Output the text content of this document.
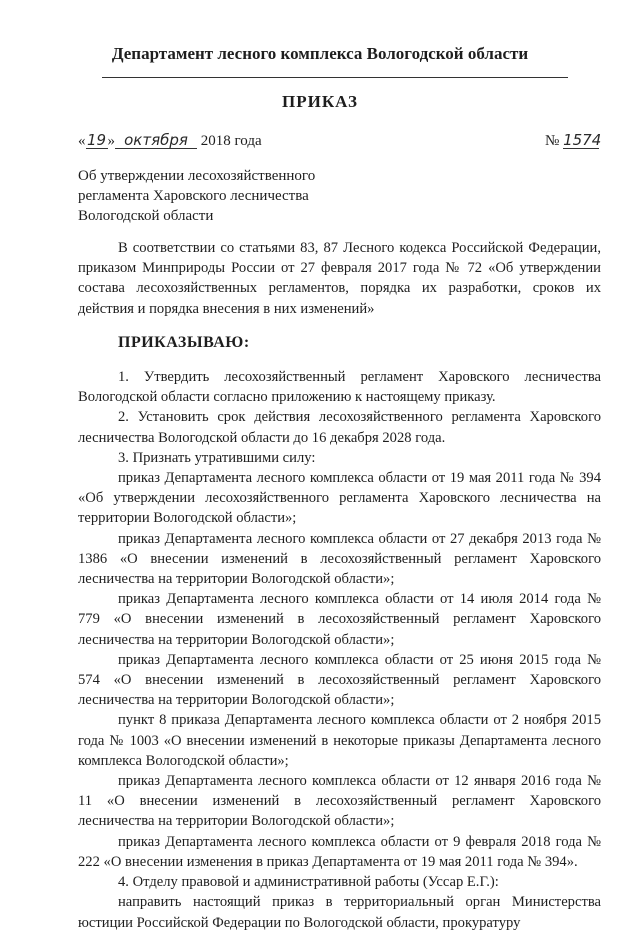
Департамент лесного комплекса Вологодской области
ПРИКАЗ
«19» октября 2018 года	№ 1574
Об утверждении лесохозяйственного
регламента Харовского лесничества
Вологодской области

В соответствии со статьями 83, 87 Лесного кодекса Российской Федерации, приказом Минприроды России от 27 февраля 2017 года № 72 «Об утверждении состава лесохозяйственных регламентов, порядка их разработки, сроков их действия и порядка внесения в них изменений»

ПРИКАЗЫВАЮ:

1. Утвердить лесохозяйственный регламент Харовского лесничества Вологодской области согласно приложению к настоящему приказу.

2. Установить срок действия лесохозяйственного регламента Харовского лесничества Вологодской области до 16 декабря 2028 года.

3. Признать утратившими силу:

приказ Департамента лесного комплекса области от 19 мая 2011 года № 394 «Об утверждении лесохозяйственного регламента Харовского лесничества на территории Вологодской области»;

приказ Департамента лесного комплекса области от 27 декабря 2013 года № 1386 «О внесении изменений в лесохозяйственный регламент Харовского лесничества на территории Вологодской области»;

приказ Департамента лесного комплекса области от 14 июля 2014 года № 779 «О внесении изменений в лесохозяйственный регламент Харовского лесничества на территории Вологодской области»;

приказ Департамента лесного комплекса области от 25 июня 2015 года № 574 «О внесении изменений в лесохозяйственный регламент Харовского лесничества на территории Вологодской области»;

пункт 8 приказа Департамента лесного комплекса области от 2 ноября 2015 года № 1003 «О внесении изменений в некоторые приказы Департамента лесного комплекса Вологодской области»;

приказ Департамента лесного комплекса области от 12 января 2016 года № 11 «О внесении изменений в лесохозяйственный регламент Харовского лесничества на территории Вологодской области»;

приказ Департамента лесного комплекса области от 9 февраля 2018 года № 222 «О внесении изменения в приказ Департамента от 19 мая 2011 года № 394».

4. Отделу правовой и административной работы (Уссар Е.Г.):

направить настоящий приказ в территориальный орган Министерства юстиции Российской Федерации по Вологодской области, прокуратуру
